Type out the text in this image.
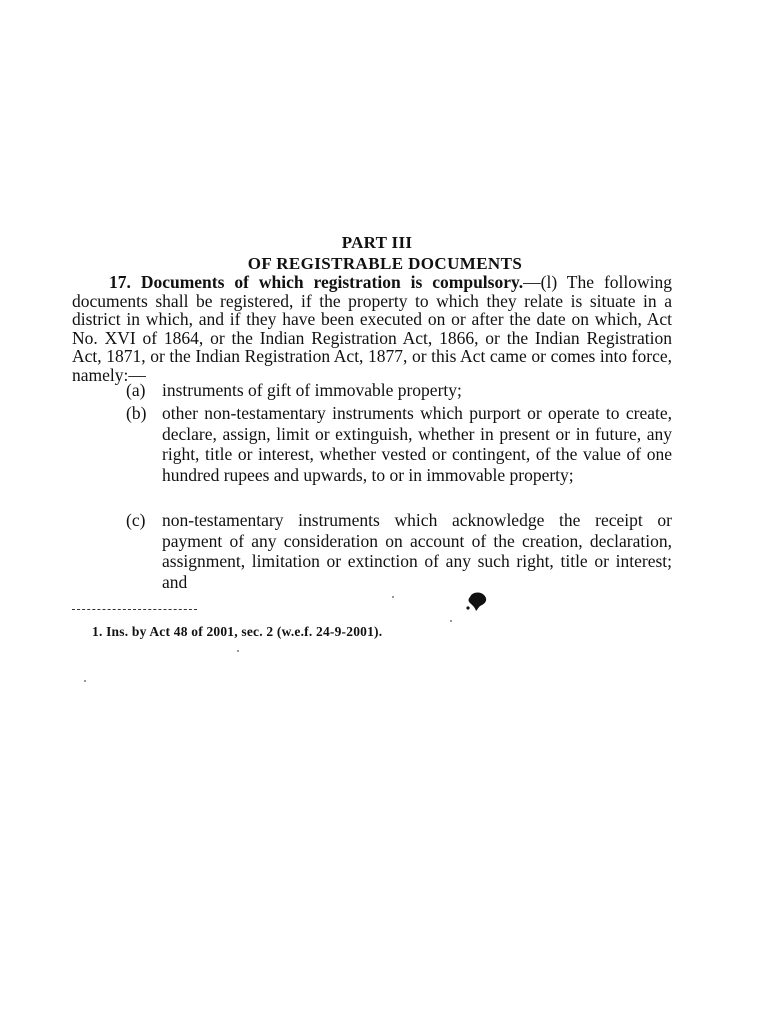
PART III
OF REGISTRABLE DOCUMENTS

17. Documents of which registration is compulsory.—(l) The following documents shall be registered, if the property to which they relate is situate in a district in which, and if they have been executed on or after the date on which, Act No. XVI of 1864, or the Indian Registration Act, 1866, or the Indian Registration Act, 1871, or the Indian Registration Act, 1877, or this Act came or comes into force, namely:—

(a) instruments of gift of immovable property;
(b) other non-testamentary instruments which purport or operate to create, declare, assign, limit or extinguish, whether in present or in future, any right, title or interest, whether vested or contingent, of the value of one hundred rupees and upwards, to or in immovable property;
(c) non-testamentary instruments which acknowledge the receipt or payment of any consideration on account of the creation, declaration, assignment, limitation or extinction of any such right, title or interest; and
1. Ins. by Act 48 of 2001, sec. 2 (w.e.f. 24-9-2001).
